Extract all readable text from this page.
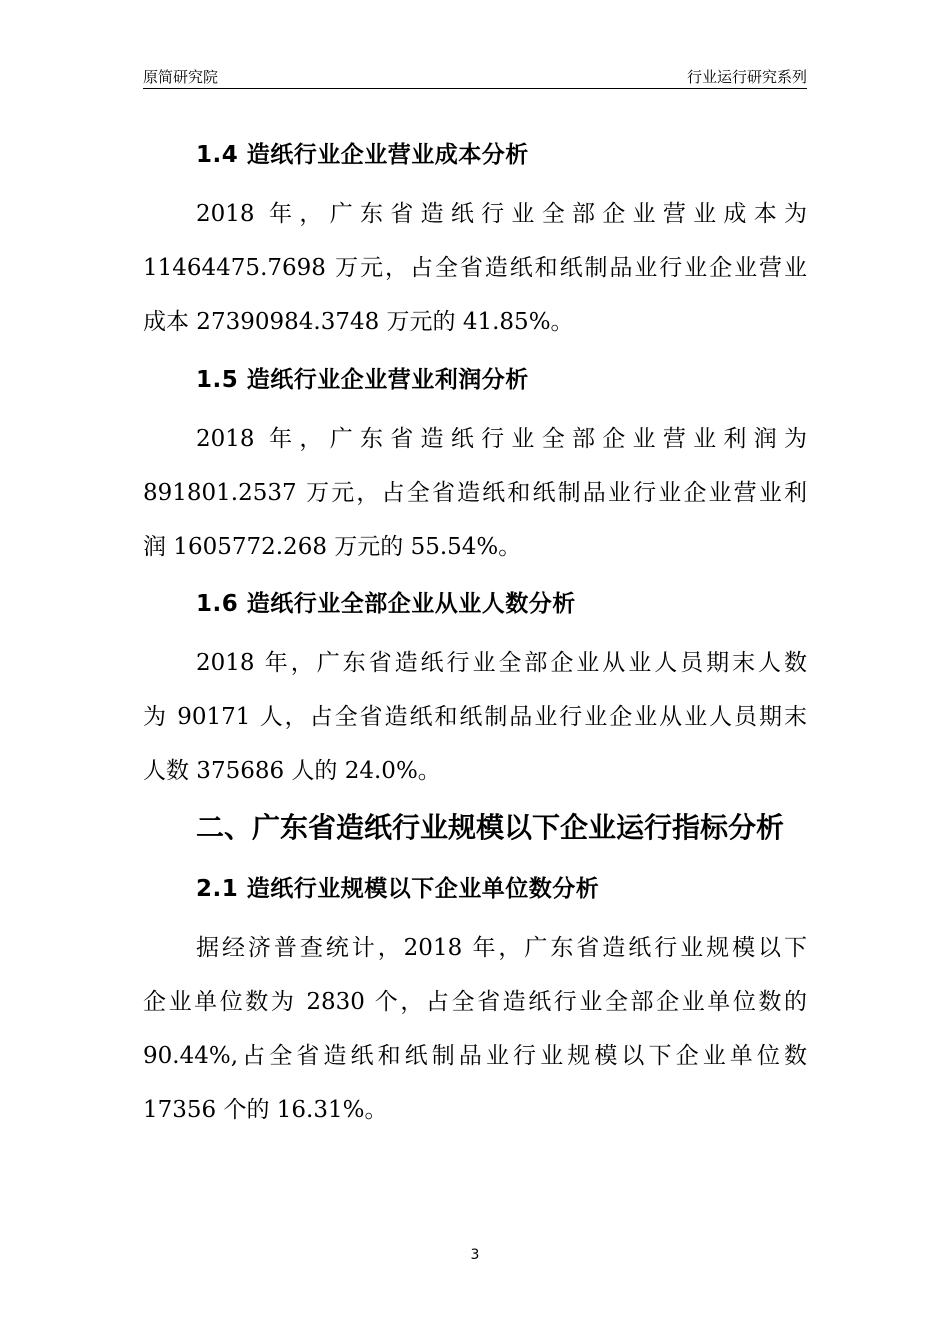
原简研究院	行业运行研究系列
1.4 造纸行业企业营业成本分析
2018 年，广东省造纸行业全部企业营业成本为
11464475.7698 万元，占全省造纸和纸制品业行业企业营业
成本 27390984.3748 万元的 41.85%。
1.5 造纸行业企业营业利润分析
2018 年，广东省造纸行业全部企业营业利润为
891801.2537 万元，占全省造纸和纸制品业行业企业营业利
润 1605772.268 万元的 55.54%。
1.6 造纸行业全部企业从业人数分析
2018 年，广东省造纸行业全部企业从业人员期末人数
为 90171 人，占全省造纸和纸制品业行业企业从业人员期末
人数 375686 人的 24.0%。
二、广东省造纸行业规模以下企业运行指标分析
2.1 造纸行业规模以下企业单位数分析
据经济普查统计，2018 年，广东省造纸行业规模以下
企业单位数为 2830 个，占全省造纸行业全部企业单位数的
90.44%,占全省造纸和纸制品业行业规模以下企业单位数
17356 个的 16.31%。
3
